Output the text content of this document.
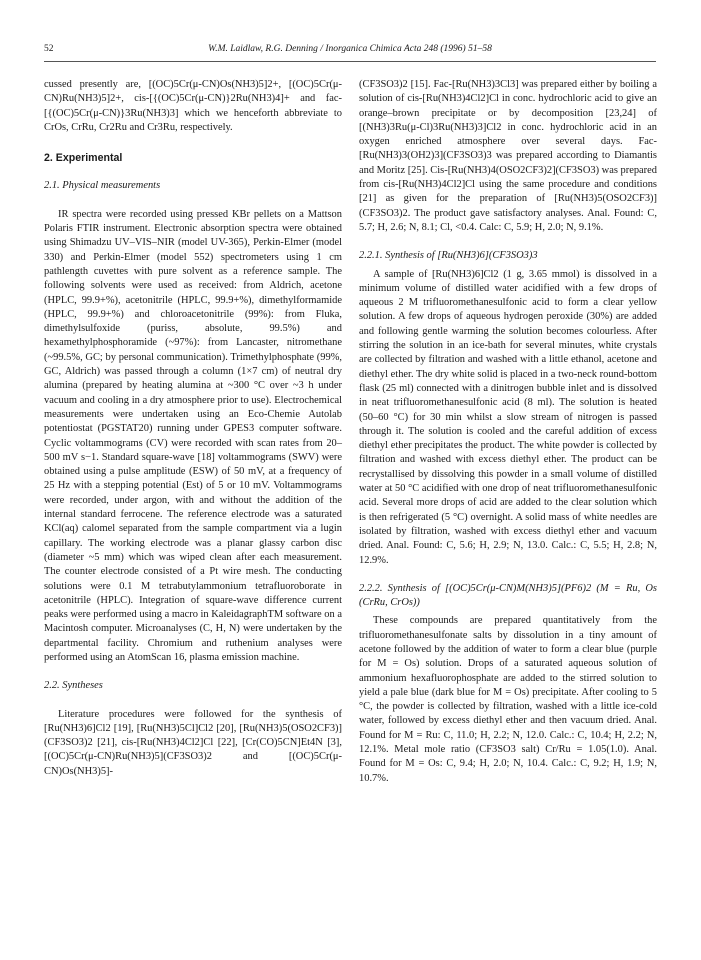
52	W.M. Laidlaw, R.G. Denning / Inorganica Chimica Acta 248 (1996) 51–58

cussed presently are, [(OC)5Cr(μ-CN)Os(NH3)5]2+, [(OC)5Cr(μ-CN)Ru(NH3)5]2+, cis-[{(OC)5Cr(μ-CN)}2Ru(NH3)4]+ and fac-[{(OC)5Cr(μ-CN)}3Ru(NH3)3] which we henceforth abbreviate to CrOs, CrRu, Cr2Ru and Cr3Ru, respectively.

2. Experimental
2.1. Physical measurements

IR spectra were recorded using pressed KBr pellets on a Mattson Polaris FTIR instrument. Electronic absorption spectra were obtained using Shimadzu UV–VIS–NIR (model UV-365), Perkin-Elmer (model 330) and Perkin-Elmer (model 552) spectrometers using 1 cm pathlength cuvettes with pure solvent as a reference sample. The following solvents were used as received: from Aldrich, acetone (HPLC, 99.9+%), acetonitrile (HPLC, 99.9+%), dimethylformamide (HPLC, 99.9+%) and chloroacetonitrile (99%): from Fluka, dimethylsulfoxide (puriss, absolute, 99.5%) and hexamethylphosphoramide (~97%): from Lancaster, nitromethane (~99.5%, GC; by personal communication). Trimethylphosphate (99%, GC, Aldrich) was passed through a column (1×7 cm) of neutral dry alumina (prepared by heating alumina at ~300 °C over ~3 h under vacuum and cooling in a dry atmosphere prior to use). Electrochemical measurements were undertaken using an Eco-Chemie Autolab potentiostat (PGSTAT20) running under GPES3 computer software. Cyclic voltammograms (CV) were recorded with scan rates from 20–500 mV s−1. Standard square-wave [18] voltammograms (SWV) were obtained using a pulse amplitude (ESW) of 50 mV, at a frequency of 25 Hz with a stepping potential (Est) of 5 or 10 mV. Voltammograms were recorded, under argon, with and without the addition of the internal standard ferrocene. The reference electrode was a saturated KCl(aq) calomel separated from the sample compartment via a lugin capillary. The working electrode was a planar glassy carbon disc (diameter ~5 mm) which was wiped clean after each measurement. The counter electrode consisted of a Pt wire mesh. The conducting solutions were 0.1 M tetrabutylammonium tetrafluoroborate in acetonitrile (HPLC). Integration of square-wave difference current peaks were performed using a macro in KaleidagraphTM software on a Macintosh computer. Microanalyses (C, H, N) were undertaken by the departmental facility. Chromium and ruthenium analyses were performed using an AtomScan 16, plasma emission machine.

2.2. Syntheses

Literature procedures were followed for the synthesis of [Ru(NH3)6]Cl2 [19], [Ru(NH3)5Cl]Cl2 [20], [Ru(NH3)5(OSO2CF3)](CF3SO3)2 [21], cis-[Ru(NH3)4Cl2]Cl [22], [Cr(CO)5CN]Et4N [3], [(OC)5Cr(μ-CN)Ru(NH3)5](CF3SO3)2 and [(OC)5Cr(μ-CN)Os(NH3)5]-

(CF3SO3)2 [15]. Fac-[Ru(NH3)3Cl3] was prepared either by boiling a solution of cis-[Ru(NH3)4Cl2]Cl in conc. hydrochloric acid to give an orange–brown precipitate or by decomposition [23,24] of [(NH3)3Ru(μ-Cl)3Ru(NH3)3]Cl2 in conc. hydrochloric acid in an oxygen enriched atmosphere over several days. Fac-[Ru(NH3)3(OH2)3](CF3SO3)3 was prepared according to Diamantis and Moritz [25]. Cis-[Ru(NH3)4(OSO2CF3)2](CF3SO3) was prepared from cis-[Ru(NH3)4Cl2]Cl using the same procedure and conditions [21] as given for the preparation of [Ru(NH3)5(OSO2CF3)](CF3SO3)2. The product gave satisfactory analyses. Anal. Found: C, 5.7; H, 2.6; N, 8.1; Cl, <0.4. Calc: C, 5.9; H, 2.0; N, 9.1%.

2.2.1. Synthesis of [Ru(NH3)6](CF3SO3)3

A sample of [Ru(NH3)6]Cl2 (1 g, 3.65 mmol) is dissolved in a minimum volume of distilled water acidified with a few drops of aqueous 2 M trifluoromethanesulfonic acid to form a clear yellow solution. A few drops of aqueous hydrogen peroxide (30%) are added and following gentle warming the solution becomes colourless. After stirring the solution in an ice-bath for several minutes, white crystals are collected by filtration and washed with a little ethanol, acetone and diethyl ether. The dry white solid is placed in a two-neck round-bottom flask (25 ml) connected with a dinitrogen bubble inlet and is dissolved in neat trifluoromethanesulfonic acid (8 ml). The solution is heated (50–60 °C) for 30 min whilst a slow stream of nitrogen is passed through it. The solution is cooled and the careful addition of excess diethyl ether precipitates the product. The white powder is collected by filtration and washed with excess diethyl ether. The product can be recrystallised by dissolving this powder in a small volume of distilled water at 50 °C acidified with one drop of neat trifluoromethanesulfonic acid. Several more drops of acid are added to the clear solution which is then refrigerated (5 °C) overnight. A solid mass of white needles are isolated by filtration, washed with excess diethyl ether and vacuum dried. Anal. Found: C, 5.6; H, 2.9; N, 13.0. Calc.: C, 5.5; H, 2.8; N, 12.9%.

2.2.2. Synthesis of [(OC)5Cr(μ-CN)M(NH3)5](PF6)2 (M = Ru, Os (CrRu, CrOs))

These compounds are prepared quantitatively from the trifluoromethanesulfonate salts by dissolution in a tiny amount of acetone followed by the addition of water to form a clear blue (purple for M = Os) solution. Drops of a saturated aqueous solution of ammonium hexafluorophosphate are added to the stirred solution to yield a pale blue (dark blue for M = Os) precipitate. After cooling to 5 °C, the powder is collected by filtration, washed with a little ice-cold water, followed by excess diethyl ether and then vacuum dried. Anal. Found for M = Ru: C, 11.0; H, 2.2; N, 12.0. Calc.: C, 10.4; H, 2.2; N, 12.1%. Metal mole ratio (CF3SO3 salt) Cr/Ru = 1.05(1.0). Anal. Found for M = Os: C, 9.4; H, 2.0; N, 10.4. Calc.: C, 9.2; H, 1.9; N, 10.7%.
